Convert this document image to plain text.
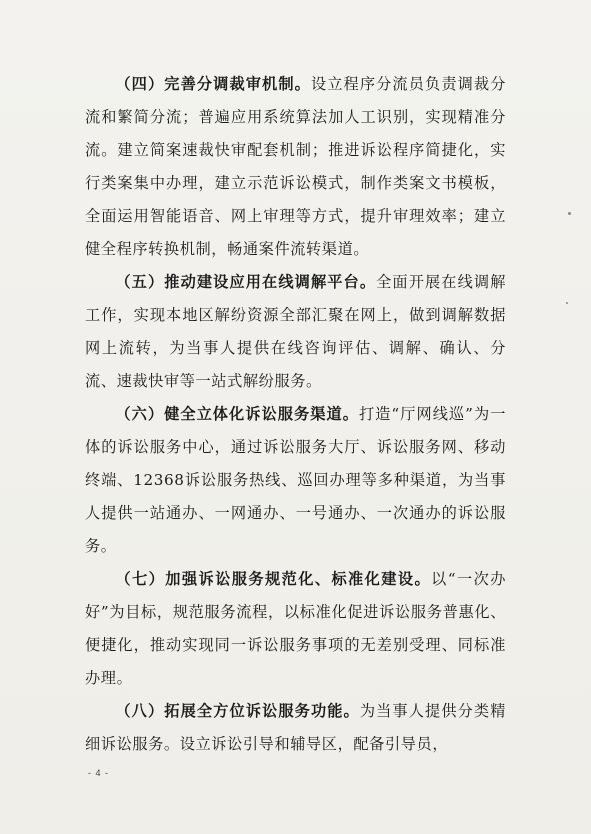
（四）完善分调裁审机制。设立程序分流员负责调裁分流和繁简分流；普遍应用系统算法加人工识别，实现精准分流。建立简案速裁快审配套机制；推进诉讼程序简捷化，实行类案集中办理，建立示范诉讼模式，制作类案文书模板，全面运用智能语音、网上审理等方式，提升审理效率；建立健全程序转换机制，畅通案件流转渠道。

（五）推动建设应用在线调解平台。全面开展在线调解工作，实现本地区解纷资源全部汇聚在网上，做到调解数据网上流转，为当事人提供在线咨询评估、调解、确认、分流、速裁快审等一站式解纷服务。

（六）健全立体化诉讼服务渠道。打造“厅网线巡”为一体的诉讼服务中心，通过诉讼服务大厅、诉讼服务网、移动终端、12368诉讼服务热线、巡回办理等多种渠道，为当事人提供一站通办、一网通办、一号通办、一次通办的诉讼服务。

（七）加强诉讼服务规范化、标准化建设。以“一次办好”为目标，规范服务流程，以标准化促进诉讼服务普惠化、便捷化，推动实现同一诉讼服务事项的无差别受理、同标准办理。

（八）拓展全方位诉讼服务功能。为当事人提供分类精细诉讼服务。设立诉讼引导和辅导区，配备引导员，

- 4 -
